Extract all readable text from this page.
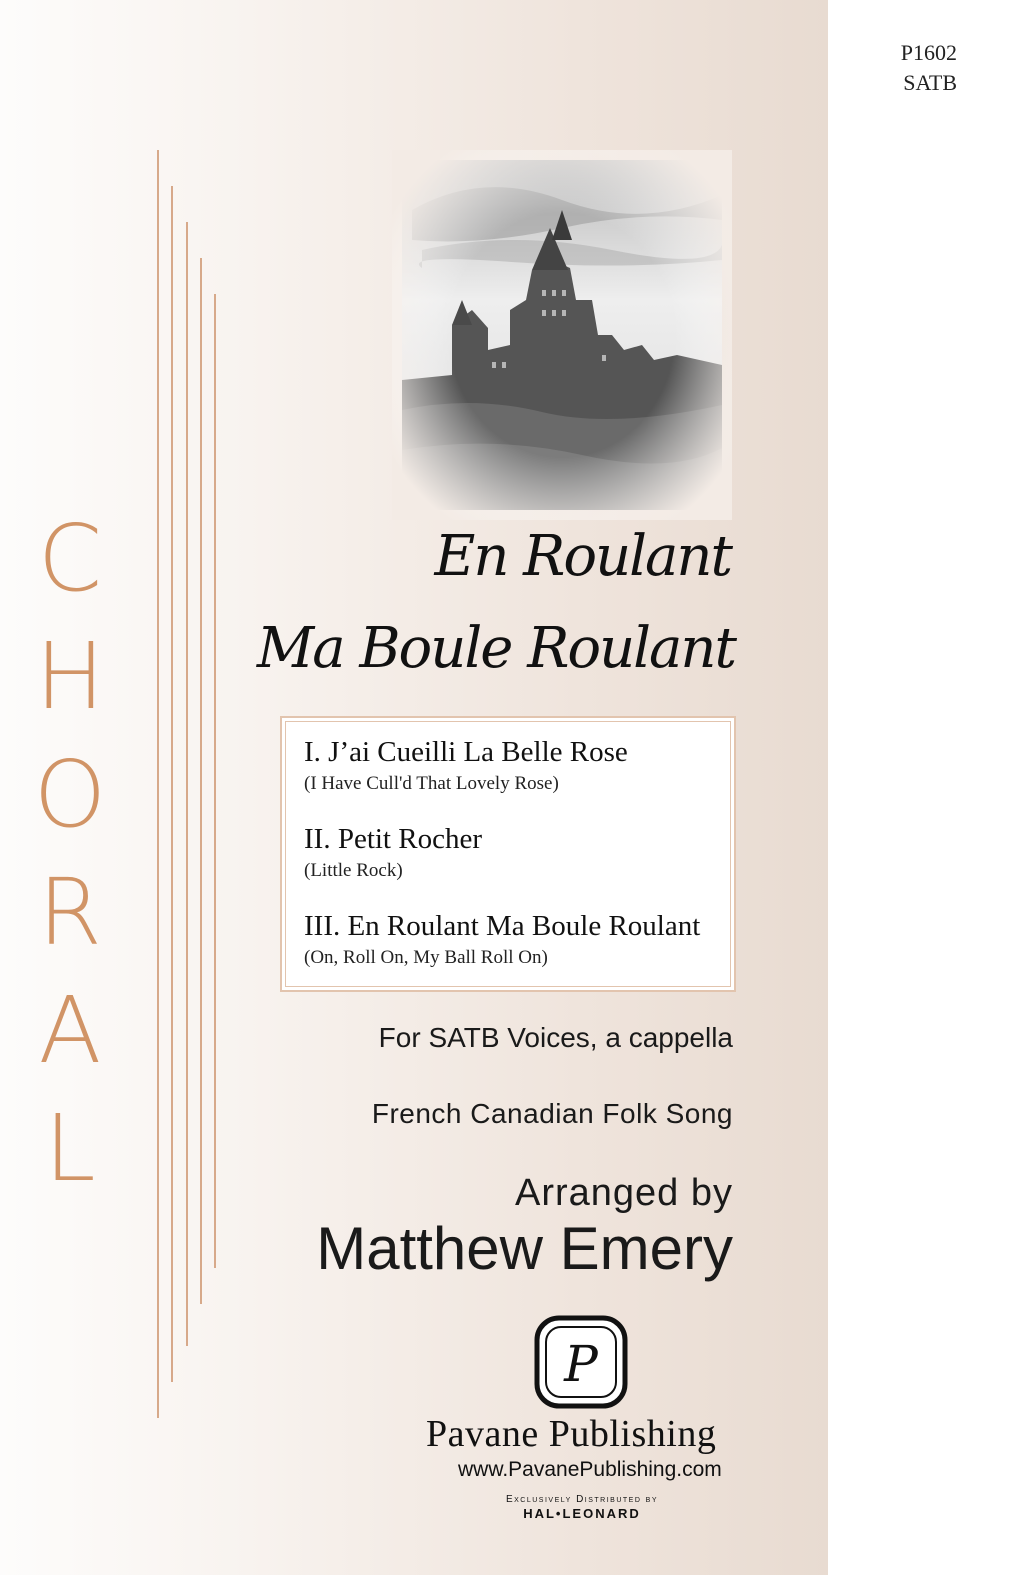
P1602
SATB
C
H
O
R
A
L
En Roulant
Ma Boule Roulant
I. J’ai Cueilli La Belle Rose
(I Have Cull'd That Lovely Rose)
II. Petit Rocher
(Little Rock)
III. En Roulant Ma Boule Roulant
(On, Roll On, My Ball Roll On)
For SATB Voices, a cappella
French Canadian Folk Song
Arranged by
Matthew Emery
P
Pavane Publishing
www.PavanePublishing.com
Exclusively Distributed by
HAL•LEONARD
